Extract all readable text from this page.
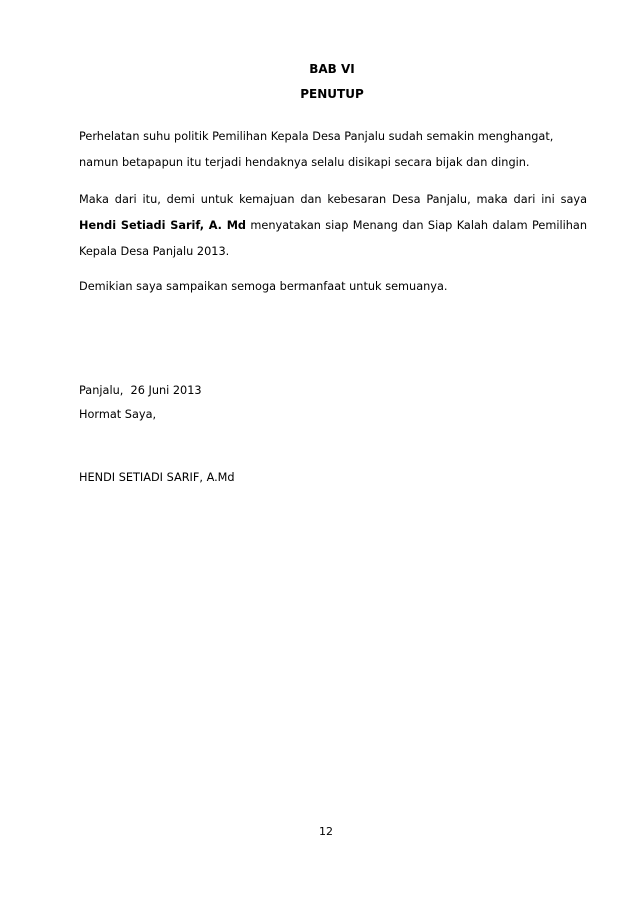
BAB VI
PENUTUP

Perhelatan suhu politik Pemilihan Kepala Desa Panjalu sudah semakin menghangat, namun betapapun itu terjadi hendaknya selalu disikapi secara bijak dan dingin.

Maka dari itu, demi untuk kemajuan dan kebesaran Desa Panjalu, maka dari ini saya Hendi Setiadi Sarif, A. Md menyatakan siap Menang dan Siap Kalah dalam Pemilihan Kepala Desa Panjalu 2013.

Demikian saya sampaikan semoga bermanfaat untuk semuanya.

Panjalu,  26 Juni 2013
Hormat Saya,
HENDI SETIADI SARIF, A.Md
12
